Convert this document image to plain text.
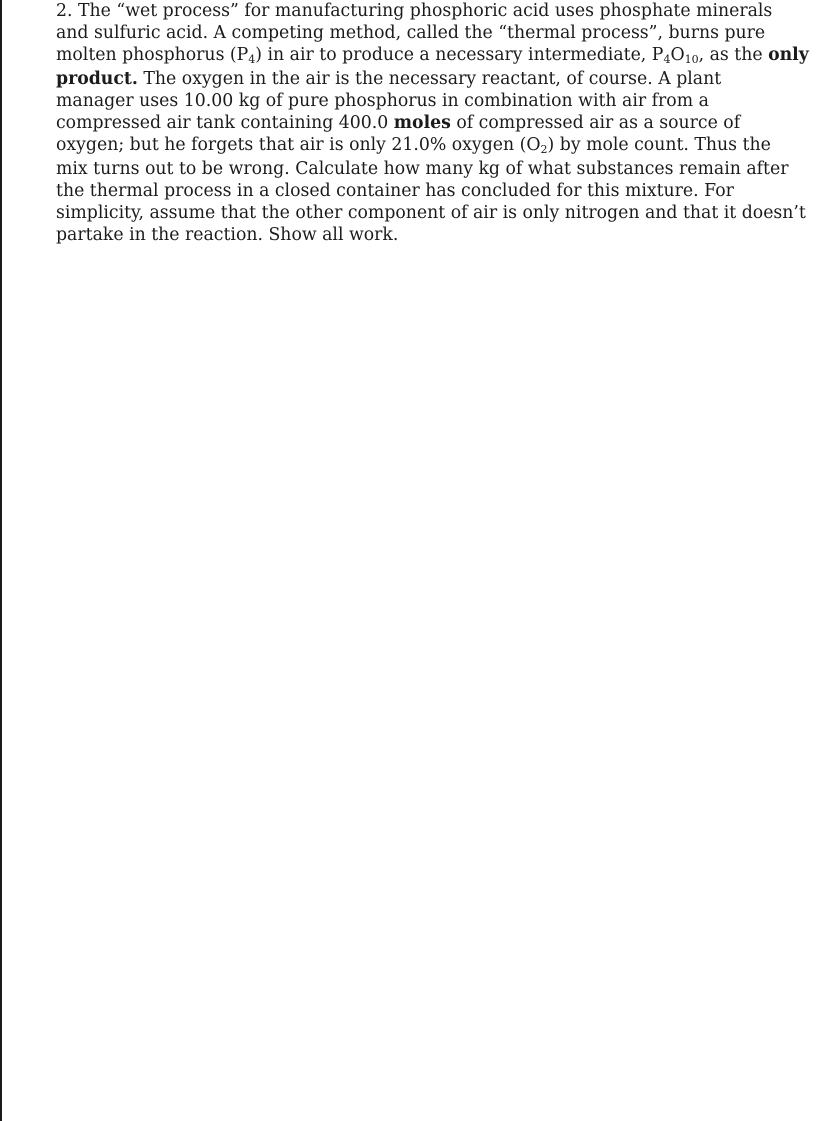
2. The “wet process” for manufacturing phosphoric acid uses phosphate minerals
and sulfuric acid. A competing method, called the “thermal process”, burns pure
molten phosphorus (P4) in air to produce a necessary intermediate, P4O10, as the only
product. The oxygen in the air is the necessary reactant, of course. A plant
manager uses 10.00 kg of pure phosphorus in combination with air from a
compressed air tank containing 400.0 moles of compressed air as a source of
oxygen; but he forgets that air is only 21.0% oxygen (O2) by mole count. Thus the
mix turns out to be wrong. Calculate how many kg of what substances remain after
the thermal process in a closed container has concluded for this mixture. For
simplicity, assume that the other component of air is only nitrogen and that it doesn’t
partake in the reaction. Show all work.
